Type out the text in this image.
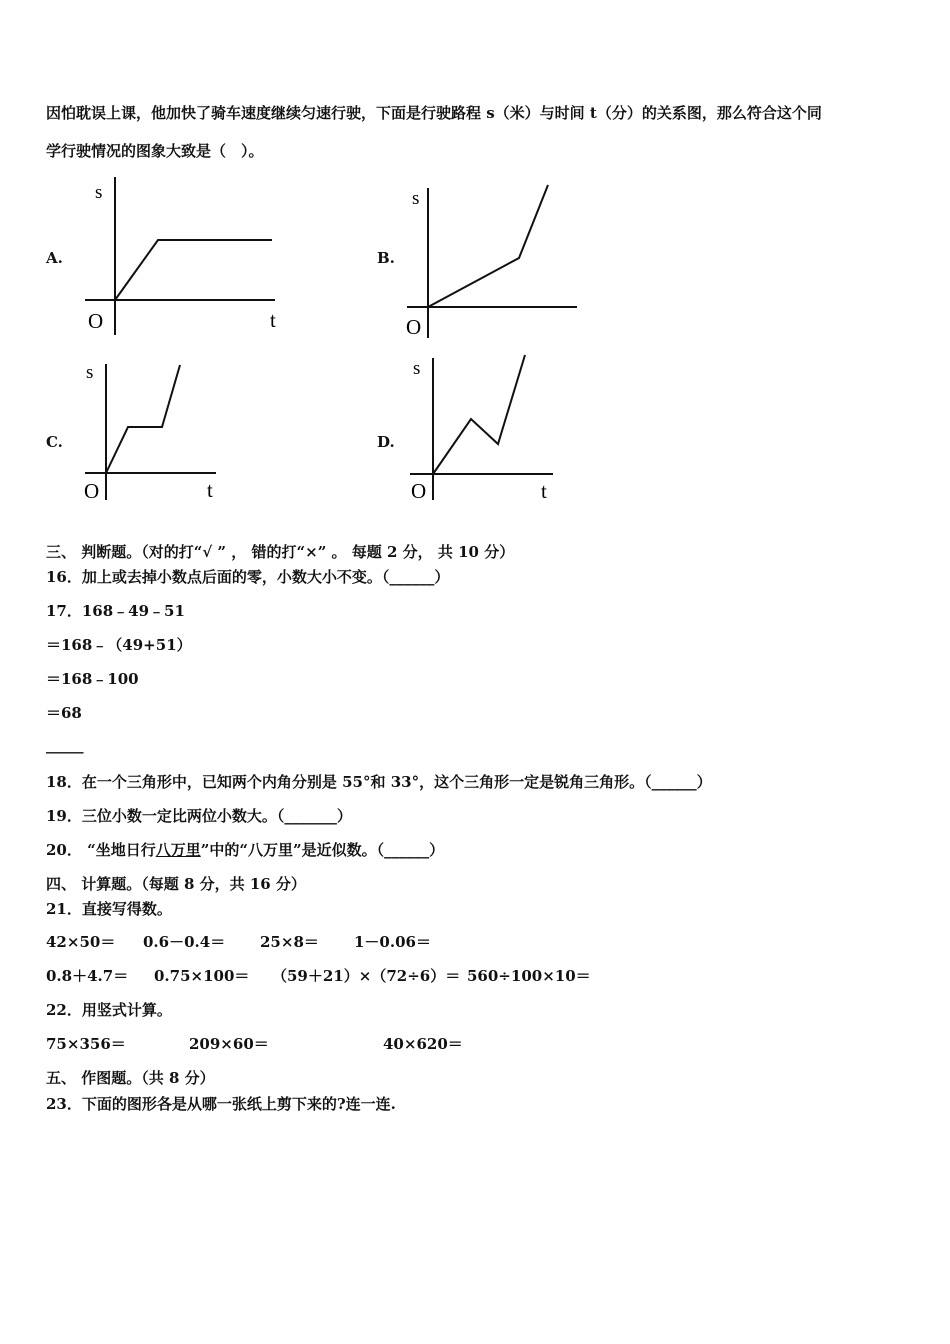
因怕耽误上课，他加快了骑车速度继续匀速行驶，下面是行驶路程 s（米）与时间 t（分）的关系图，那么符合这个同
学行驶情况的图象大致是（　）。
A.
s
O	t
B.
s
O
C.
s
O	t
D.
s
O	t
三、 判断题。（对的打“√ ” ， 错的打“×” 。 每题 2 分， 共 10 分）
16．加上或去掉小数点后面的零，小数大小不变。（______）
17．168﹣49﹣51
＝168﹣（49+51）
＝168﹣100
＝68
_____
18．在一个三角形中，已知两个内角分别是 55°和 33°，这个三角形一定是锐角三角形。（______）
19．三位小数一定比两位小数大。（_______）
20． “坐地日行八万里”中的“八万里”是近似数。（______）
四、 计算题。（每题 8 分，共 16 分）
21．直接写得数。
42×50＝ 0.6－0.4＝ 25×8＝ 1－0.06＝
0.8＋4.7＝ 0.75×100＝ （59＋21）×（72÷6）＝ 560÷100×10＝
22．用竖式计算。
75×356＝	209×60＝	40×620＝
五、 作图题。（共 8 分）
23．下面的图形各是从哪一张纸上剪下来的?连一连.
